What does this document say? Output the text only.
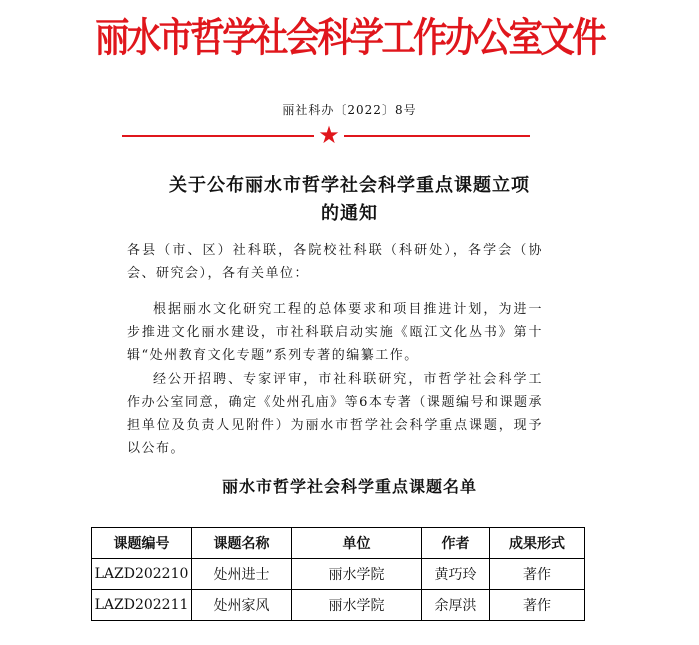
丽水市哲学社会科学工作办公室文件
丽社科办〔2022〕8号
★
关于公布丽水市哲学社会科学重点课题立项
的通知
各县（市、区）社科联，各院校社科联（科研处），各学会（协会、研究会），各有关单位：
根据丽水文化研究工程的总体要求和项目推进计划，为进一步推进文化丽水建设，市社科联启动实施《瓯江文化丛书》第十辑“处州教育文化专题”系列专著的编纂工作。
经公开招聘、专家评审，市社科联研究，市哲学社会科学工作办公室同意，确定《处州孔庙》等6本专著（课题编号和课题承担单位及负责人见附件）为丽水市哲学社会科学重点课题，现予以公布。
丽水市哲学社会科学重点课题名单
课题编号	课题名称	单位	作者	成果形式
LAZD202210	处州进士	丽水学院	黄巧玲	著作
LAZD202211	处州家风	丽水学院	余厚洪	著作
